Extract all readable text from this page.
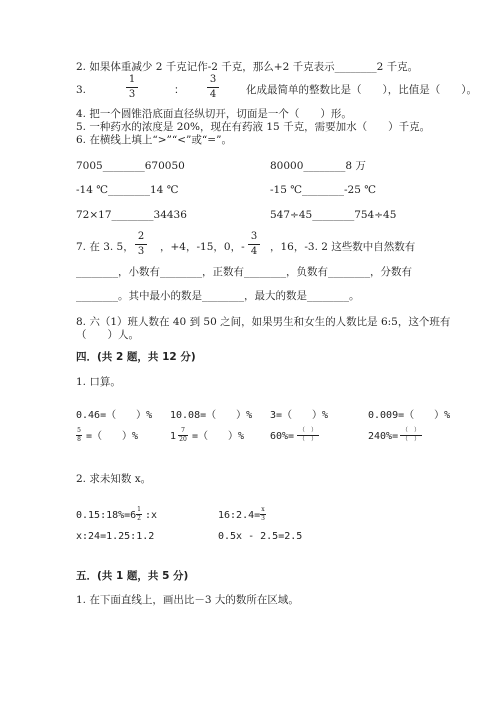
2. 如果体重减少 2 千克记作-2 千克，那么+2 千克表示________2 千克。
3.
1
3	：
3
4	化成最简单的整数比是（　　），比值是（　　）。
4. 把一个圆锥沿底面直径纵切开，切面是一个（　　）形。
5. 一种药水的浓度是 20%，现在有药液 15 千克，需要加水（　　）千克。
6. 在横线上填上“>”“<”或“=”。
7005________670050	80000________8 万
-14 ℃________14 ℃	-15 ℃________-25 ℃
72×17________34436	547÷45________754÷45
7. 在 3. 5，
2
3 ，+4，-15，0，-
3
4 ，16，-3. 2 这些数中自然数有
________，小数有________，正数有________，负数有________，分数有
________。其中最小的数是________，最大的数是________。
8. 六（1）班人数在 40 到 50 之间，如果男生和女生的人数比是 6:5，这个班有
（　　）人。
四．(共 2 题，共 12 分)
1. 口算。
0.46=（　　）% 10.08=（　　）% 3=（　　）%	0.009=（　　）%
5
8 =（　　）%	1
7
20 =（　　）%	60%=
（　）
（　）	240%=
（　）
（　）
2. 求未知数 x。
0.15:18%=6
1
2 :x	16:2.4=
x
3
x:24=1.25:1.2	0.5x - 2.5=2.5
五．(共 1 题，共 5 分)
1. 在下面直线上，画出比－3 大的数所在区域。
